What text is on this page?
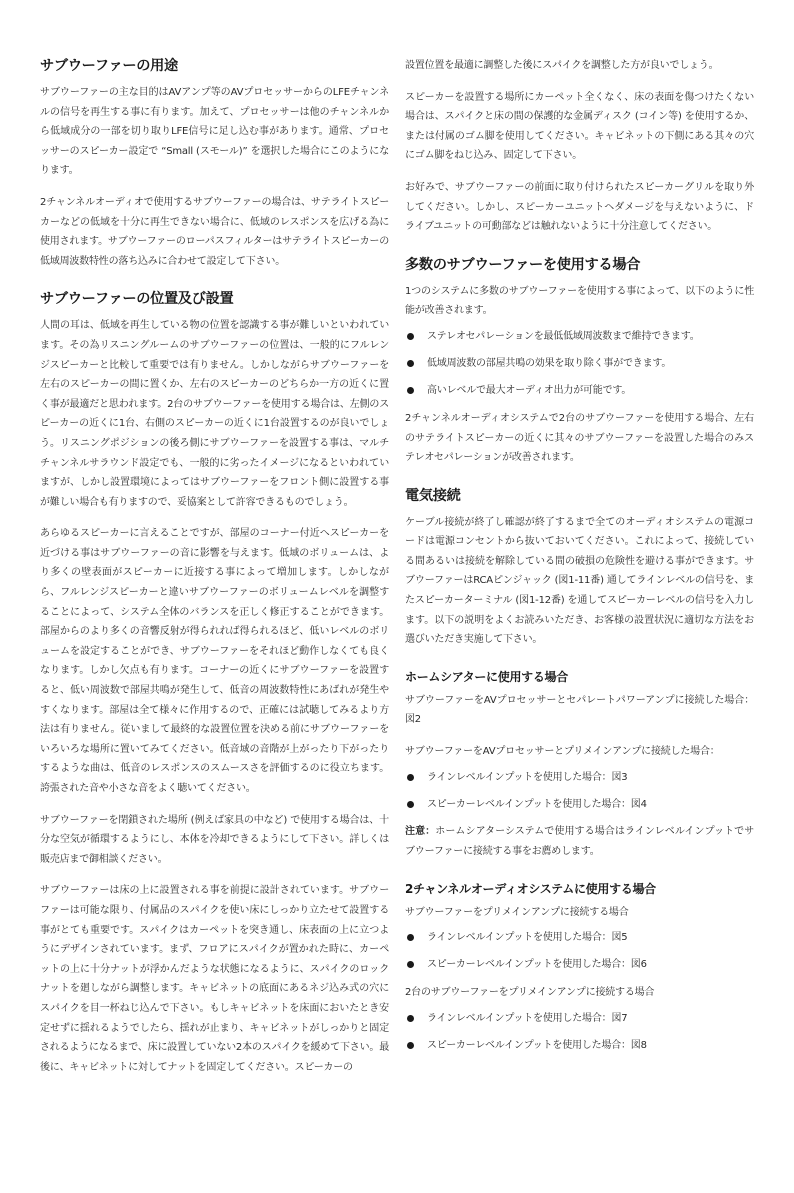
サブウーファーの用途

サブウーファーの主な目的はAVアンプ等のAVプロセッサーからのLFEチャンネルの信号を再生する事に有ります。加えて、プロセッサーは他のチャンネルから低域成分の一部を切り取りLFE信号に足し込む事があります。通常、プロセッサーのスピーカー設定で “Small (スモール)” を選択した場合にこのようになります。

2チャンネルオーディオで使用するサブウーファーの場合は、サテライトスピーカーなどの低域を十分に再生できない場合に、低域のレスポンスを広げる為に使用されます。サブウーファーのローパスフィルターはサテライトスピーカーの低域周波数特性の落ち込みに合わせて設定して下さい。

サブウーファーの位置及び設置

人間の耳は、低域を再生している物の位置を認識する事が難しいといわれています。その為リスニングルームのサブウーファーの位置は、一般的にフルレンジスピーカーと比較して重要では有りません。しかしながらサブウーファーを左右のスピーカーの間に置くか、左右のスピーカーのどちらか一方の近くに置く事が最適だと思われます。2台のサブウーファーを使用する場合は、左側のスピーカーの近くに1台、右側のスピーカーの近くに1台設置するのが良いでしょう。リスニングポジションの後ろ側にサブウーファーを設置する事は、マルチチャンネルサラウンド設定でも、一般的に劣ったイメージになるといわれていますが、しかし設置環境によってはサブウーファーをフロント側に設置する事が難しい場合も有りますので、妥協案として許容できるものでしょう。

あらゆるスピーカーに言えることですが、部屋のコーナー付近へスピーカーを近づける事はサブウーファーの音に影響を与えます。低域のボリュームは、より多くの壁表面がスピーカーに近接する事によって増加します。しかしながら、フルレンジスピーカーと違いサブウーファーのボリュームレベルを調整することによって、システム全体のバランスを正しく修正することができます。部屋からのより多くの音響反射が得られれば得られるほど、低いレベルのボリュームを設定することができ、サブウーファーをそれほど動作しなくても良くなります。しかし欠点も有ります。コーナーの近くにサブウーファーを設置すると、低い周波数で部屋共鳴が発生して、低音の周波数特性にあばれが発生やすくなります。部屋は全て様々に作用するので、正確には試聴してみるより方法は有りません。従いまして最終的な設置位置を決める前にサブウーファーをいろいろな場所に置いてみてください。低音域の音階が上がったり下がったりするような曲は、低音のレスポンスのスムースさを評価するのに役立ちます。誇張された音や小さな音をよく聴いてください。

サブウーファーを閉鎖された場所 (例えば家具の中など) で使用する場合は、十分な空気が循環するようにし、本体を冷却できるようにして下さい。詳しくは販売店まで御相談ください。

サブウーファーは床の上に設置される事を前提に設計されています。サブウーファーは可能な限り、付属品のスパイクを使い床にしっかり立たせて設置する事がとても重要です。スパイクはカーペットを突き通し、床表面の上に立つようにデザインされています。まず、フロアにスパイクが置かれた時に、カーペットの上に十分ナットが浮かんだような状態になるように、スパイクのロックナットを廻しながら調整します。キャビネットの底面にあるネジ込み式の穴にスパイクを目一杯ねじ込んで下さい。もしキャビネットを床面においたとき安定せずに揺れるようでしたら、揺れが止まり、キャビネットがしっかりと固定されるようになるまで、床に設置していない2本のスパイクを緩めて下さい。最後に、キャビネットに対してナットを固定してください。スピーカーの

設置位置を最適に調整した後にスパイクを調整した方が良いでしょう。

スピーカーを設置する場所にカーペット全くなく、床の表面を傷つけたくない場合は、スパイクと床の間の保護的な金属ディスク (コイン等) を使用するか、または付属のゴム脚を使用してください。キャビネットの下側にある其々の穴にゴム脚をねじ込み、固定して下さい。

お好みで、サブウーファーの前面に取り付けられたスピーカーグリルを取り外してください。しかし、スピーカーユニットヘダメージを与えないように、ドライブユニットの可動部などは触れないように十分注意してください。

多数のサブウーファーを使用する場合

1つのシステムに多数のサブウーファーを使用する事によって、以下のように性能が改善されます。

ステレオセパレーションを最低低域周波数まで維持できます。
低域周波数の部屋共鳴の効果を取り除く事ができます。
高いレベルで最大オーディオ出力が可能です。

2チャンネルオーディオシステムで2台のサブウーファーを使用する場合、左右のサテライトスピーカーの近くに其々のサブウーファーを設置した場合のみステレオセパレーションが改善されます。

電気接続

ケーブル接続が終了し確認が終了するまで全てのオーディオシステムの電源コードは電源コンセントから抜いておいてください。これによって、接続している間あるいは接続を解除している間の破損の危険性を避ける事ができます。サブウーファーはRCAピンジャック (図1-11番) 通してラインレベルの信号を、またスピーカーターミナル (図1-12番) を通してスピーカーレベルの信号を入力します。以下の説明をよくお読みいただき、お客様の設置状況に適切な方法をお選びいただき実施して下さい。

ホームシアターに使用する場合

サブウーファーをAVプロセッサーとセパレートパワーアンプに接続した場合：図2

サブウーファーをAVプロセッサーとプリメインアンプに接続した場合：

ラインレベルインプットを使用した場合：図3
スピーカーレベルインプットを使用した場合：図4

注意：ホームシアターシステムで使用する場合はラインレベルインプットでサブウーファーに接続する事をお薦めします。

2チャンネルオーディオシステムに使用する場合

サブウーファーをプリメインアンプに接続する場合

ラインレベルインプットを使用した場合：図5
スピーカーレベルインプットを使用した場合：図6

2台のサブウーファーをプリメインアンプに接続する場合

ラインレベルインプットを使用した場合：図7
スピーカーレベルインプットを使用した場合：図8
